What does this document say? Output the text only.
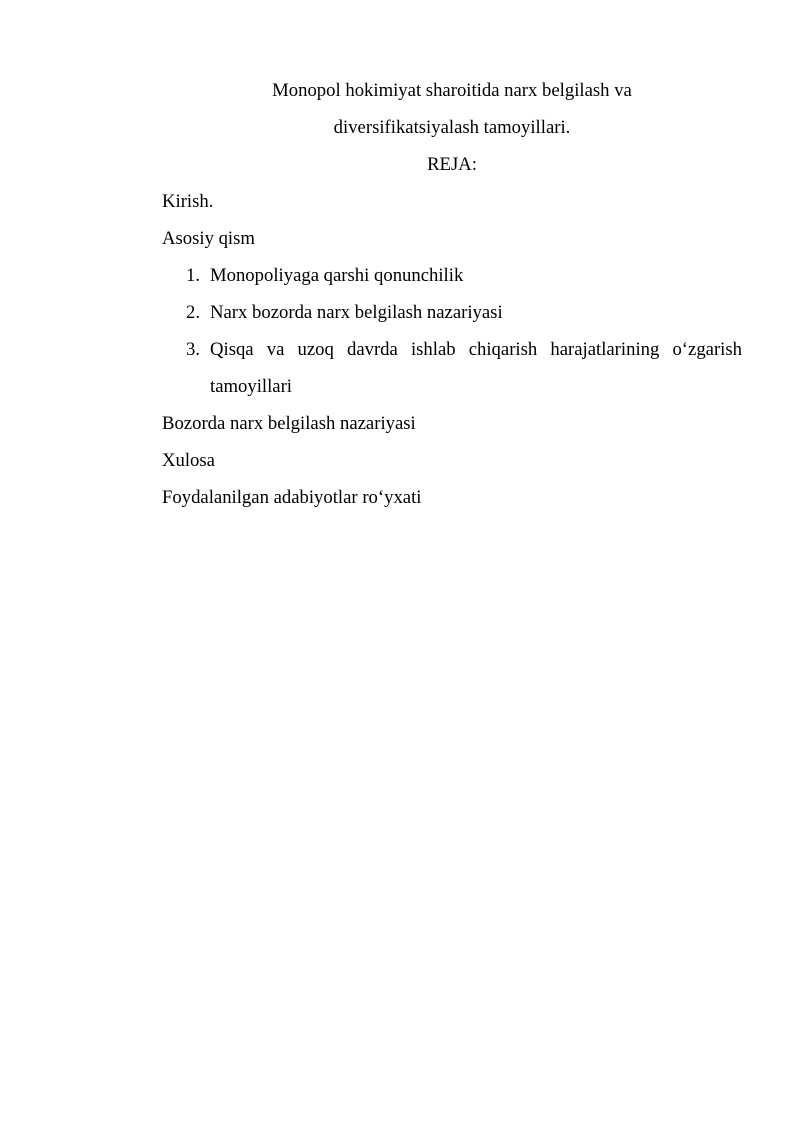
Monopol hokimiyat sharoitida narx belgilash va
diversifikatsiyalash tamoyillari.

REJA:

Kirish.

Asosiy qism

1. Monopoliyaga qarshi qonunchilik
2. Narx bozorda narx belgilash nazariyasi
3. Qisqa va uzoq davrda ishlab chiqarish harajatlarining o‘zgarish tamoyillari

Bozorda narx belgilash nazariyasi

Xulosa

Foydalanilgan adabiyotlar ro‘yxati
